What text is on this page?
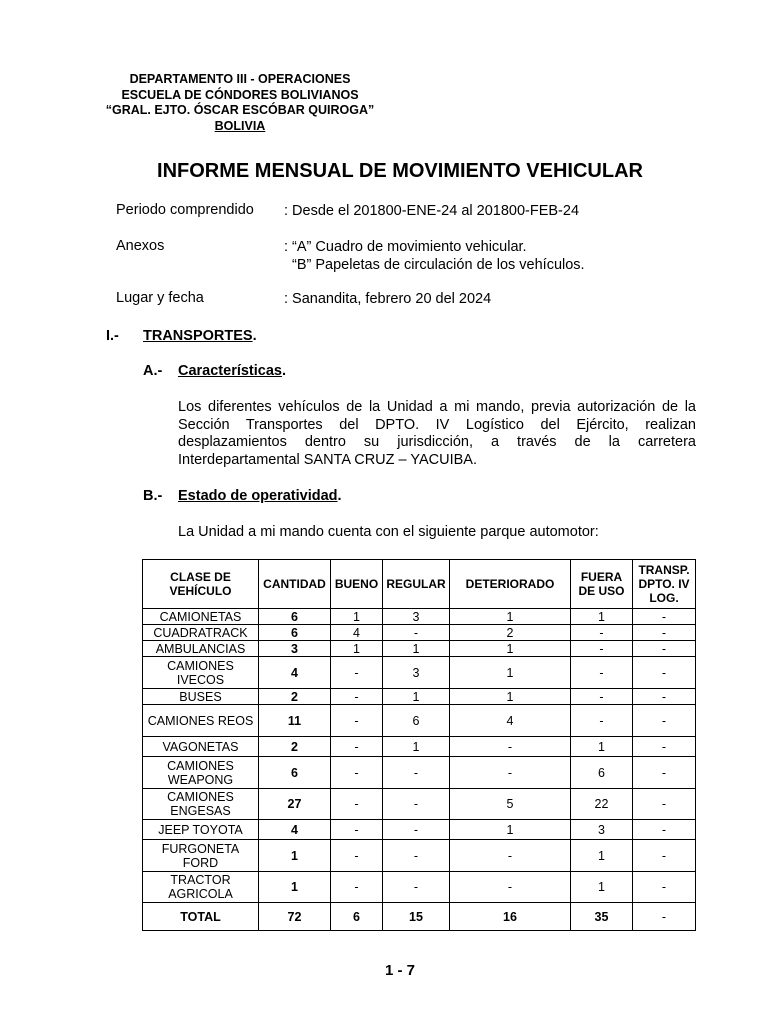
DEPARTAMENTO III - OPERACIONES
ESCUELA DE CÓNDORES BOLIVIANOS
“GRAL. EJTO. ÓSCAR ESCÓBAR QUIROGA”
BOLIVIA
INFORME MENSUAL DE MOVIMIENTO VEHICULAR
Periodo comprendido : Desde el 201800-ENE-24 al 201800-FEB-24
Anexos	: “A” Cuadro de movimiento vehicular.
“B” Papeletas de circulación de los vehículos.
Lugar y fecha	: Sanandita, febrero 20 del 2024
I.- TRANSPORTES.
A.- Características.
Los diferentes vehículos de la Unidad a mi mando, previa autorización de la Sección Transportes del DPTO. IV Logístico del Ejército, realizan desplazamientos dentro su jurisdicción, a través de la carretera Interdepartamental SANTA CRUZ – YACUIBA.
B.- Estado de operatividad.
La Unidad a mi mando cuenta con el siguiente parque automotor:
CLASE DE VEHÍCULO	CANTIDAD	BUENO	REGULAR	DETERIORADO	FUERA DE USO	TRANSP. DPTO. IV LOG.
CAMIONETAS	6	1	3	1	1	-
CUADRATRACK	6	4	-	2	-	-
AMBULANCIAS	3	1	1	1	-	-
CAMIONES IVECOS	4	-	3	1	-	-
BUSES	2	-	1	1	-	-
CAMIONES REOS	11	-	6	4	-	-
VAGONETAS	2	-	1	-	1	-
CAMIONES WEAPONG	6	-	-	-	6	-
CAMIONES ENGESAS	27	-	-	5	22	-
JEEP TOYOTA	4	-	-	1	3	-
FURGONETA FORD	1	-	-	-	1	-
TRACTOR AGRICOLA	1	-	-	-	1	-
TOTAL	72	6	15	16	35	-
1 - 7
